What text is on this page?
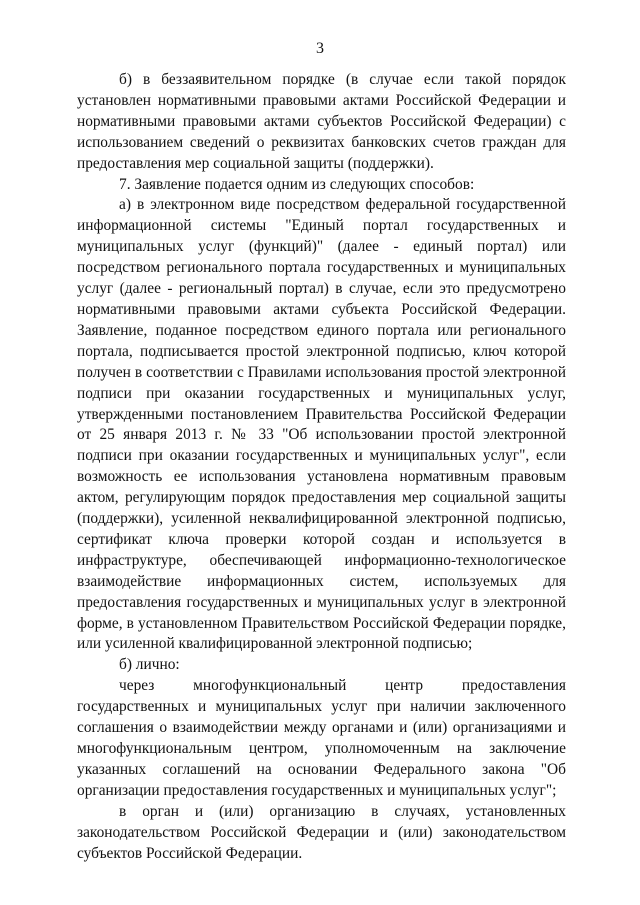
3

б) в беззаявительном порядке (в случае если такой порядок установлен нормативными правовыми актами Российской Федерации и нормативными правовыми актами субъектов Российской Федерации) с использованием сведений о реквизитах банковских счетов граждан для предоставления мер социальной защиты (поддержки).

7. Заявление подается одним из следующих способов:

а) в электронном виде посредством федеральной государственной информационной системы "Единый портал государственных и муниципальных услуг (функций)" (далее - единый портал) или посредством регионального портала государственных и муниципальных услуг (далее - региональный портал) в случае, если это предусмотрено нормативными правовыми актами субъекта Российской Федерации. Заявление, поданное посредством единого портала или регионального портала, подписывается простой электронной подписью, ключ которой получен в соответствии с Правилами использования простой электронной подписи при оказании государственных и муниципальных услуг, утвержденными постановлением Правительства Российской Федерации от 25 января 2013 г. № 33 "Об использовании простой электронной подписи при оказании государственных и муниципальных услуг", если возможность ее использования установлена нормативным правовым актом, регулирующим порядок предоставления мер социальной защиты (поддержки), усиленной неквалифицированной электронной подписью, сертификат ключа проверки которой создан и используется в инфраструктуре, обеспечивающей информационно-технологическое взаимодействие информационных систем, используемых для предоставления государственных и муниципальных услуг в электронной форме, в установленном Правительством Российской Федерации порядке, или усиленной квалифицированной электронной подписью;

б) лично:

через многофункциональный центр предоставления государственных и муниципальных услуг при наличии заключенного соглашения о взаимодействии между органами и (или) организациями и многофункциональным центром, уполномоченным на заключение указанных соглашений на основании Федерального закона "Об организации предоставления государственных и муниципальных услуг";

в орган и (или) организацию в случаях, установленных законодательством Российской Федерации и (или) законодательством субъектов Российской Федерации.
